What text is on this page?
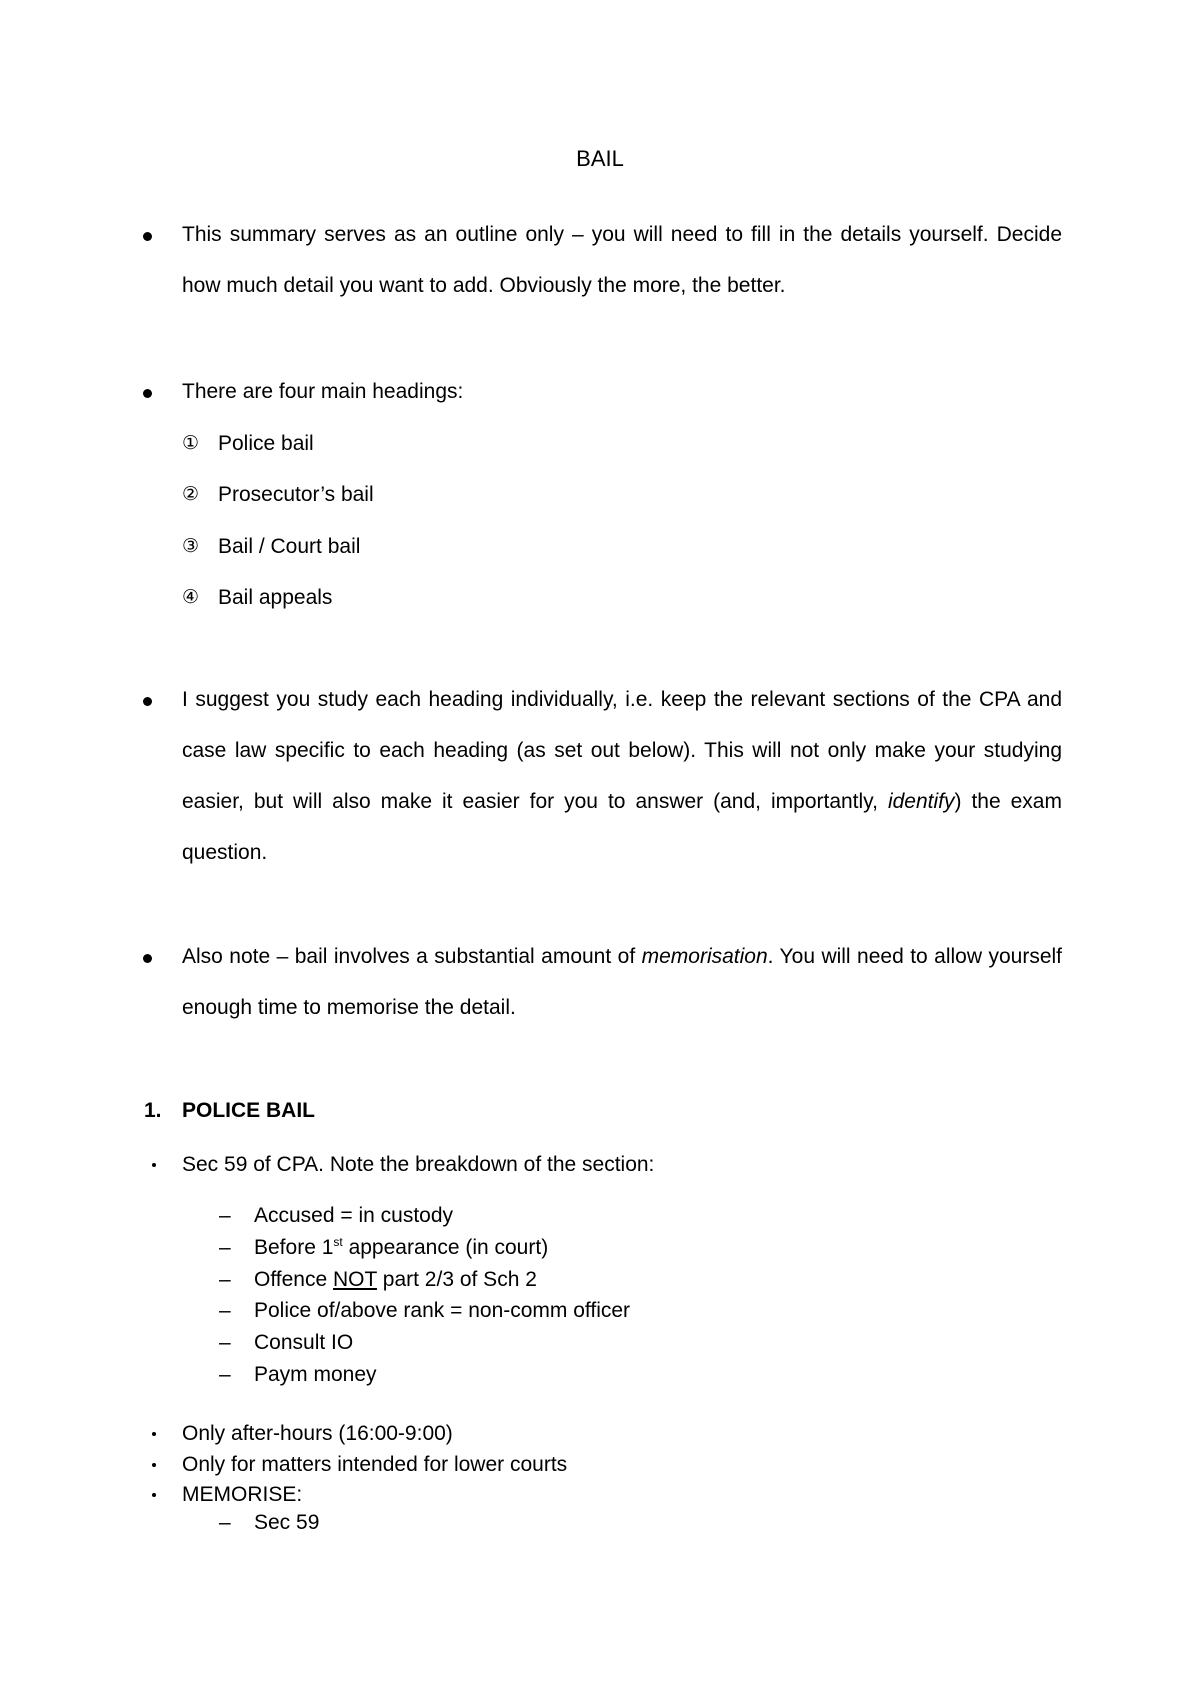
BAIL
This summary serves as an outline only – you will need to fill in the details yourself. Decide how much detail you want to add. Obviously the more, the better.
There are four main headings:
① Police bail
② Prosecutor’s bail
③ Bail / Court bail
④ Bail appeals
I suggest you study each heading individually, i.e. keep the relevant sections of the CPA and case law specific to each heading (as set out below). This will not only make your studying easier, but will also make it easier for you to answer (and, importantly, identify) the exam question.
Also note – bail involves a substantial amount of memorisation. You will need to allow yourself enough time to memorise the detail.
1. POLICE BAIL
Sec 59 of CPA. Note the breakdown of the section:
– Accused = in custody
– Before 1st appearance (in court)
– Offence NOT part 2/3 of Sch 2
– Police of/above rank = non-comm officer
– Consult IO
– Paym money
Only after-hours (16:00-9:00)
Only for matters intended for lower courts
MEMORISE:
– Sec 59
